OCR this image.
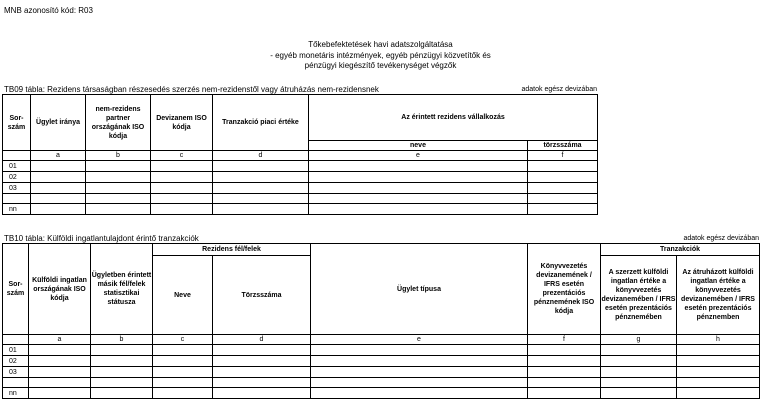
MNB azonosító kód: R03
Tőkebefektetések havi adatszolgáltatása
- egyéb monetáris intézmények, egyéb pénzügyi közvetítők és
pénzügyi kiegészítő tevékenységet végzők
TB09 tábla: Rezidens társaságban részesedés szerzés nem-rezidenstől vagy átruházás nem-rezidensnek	adatok egész devizában
Sor-
szám	Ügylet iránya	nem-rezidens partner országának ISO kódja	Devizanem ISO kódja	Tranzakció piaci értéke	Az érintett rezidens vállalkozás	
					neve	törzsszáma
	a	b	c	d	e	f
01						
02						
03						

nn						
TB10 tábla: Külföldi ingatlantulajdont érintő tranzakciók	adatok egész devizában
Sor-
szám	Külföldi ingatlan országának ISO kódja	Ügyletben érintett másik fél/felek statisztikai státusza	Rezidens fél/felek		Ügylet típusa	Könyvvezetés devizanemének / IFRS esetén prezentációs pénznemének ISO kódja	Tranzakciók	
			Neve	Törzsszáma			A szerzett külföldi ingatlan értéke a könyvvezetés devizanemében / IFRS esetén prezentációs pénznemében	Az átruházott külföldi ingatlan értéke a könyvvezetés devizanemében / IFRS esetén prezentációs pénznemben
	a	b	c	d	e	f	g	h
01								
02								
03								

nn								
